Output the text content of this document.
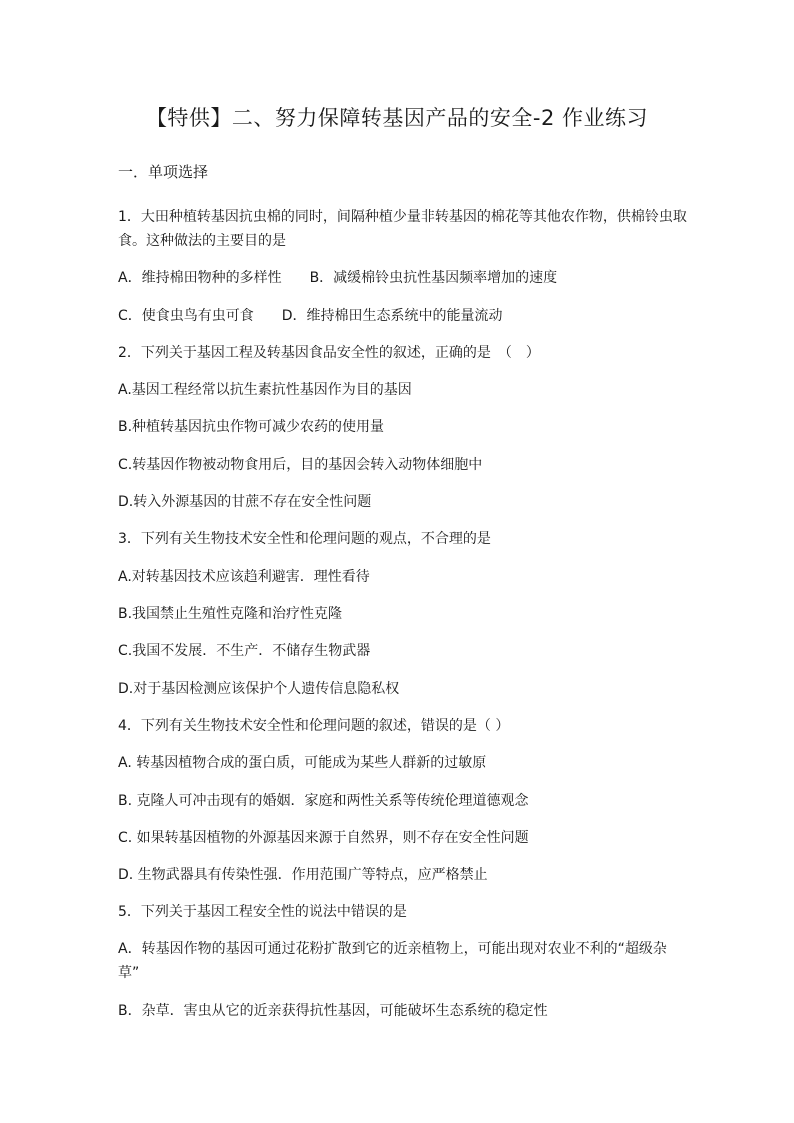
【特供】二、努力保障转基因产品的安全-2 作业练习
一．单项选择
1．大田种植转基因抗虫棉的同时，间隔种植少量非转基因的棉花等其他农作物，供棉铃虫取食。这种做法的主要目的是
A．维持棉田物种的多样性　　B．减缓棉铃虫抗性基因频率增加的速度
C．使食虫鸟有虫可食　　D．维持棉田生态系统中的能量流动
2．下列关于基因工程及转基因食品安全性的叙述，正确的是　（　）
A.基因工程经常以抗生素抗性基因作为目的基因
B.种植转基因抗虫作物可减少农药的使用量
C.转基因作物被动物食用后，目的基因会转入动物体细胞中
D.转入外源基因的甘蔗不存在安全性问题
3．下列有关生物技术安全性和伦理问题的观点，不合理的是
A.对转基因技术应该趋利避害．理性看待
B.我国禁止生殖性克隆和治疗性克隆
C.我国不发展．不生产．不储存生物武器
D.对于基因检测应该保护个人遗传信息隐私权
4．下列有关生物技术安全性和伦理问题的叙述，错误的是（ ）
A. 转基因植物合成的蛋白质，可能成为某些人群新的过敏原
B. 克隆人可冲击现有的婚姻．家庭和两性关系等传统伦理道德观念
C. 如果转基因植物的外源基因来源于自然界，则不存在安全性问题
D. 生物武器具有传染性强．作用范围广等特点，应严格禁止
5．下列关于基因工程安全性的说法中错误的是
A．转基因作物的基因可通过花粉扩散到它的近亲植物上，可能出现对农业不利的“超级杂草”
B．杂草．害虫从它的近亲获得抗性基因，可能破坏生态系统的稳定性
